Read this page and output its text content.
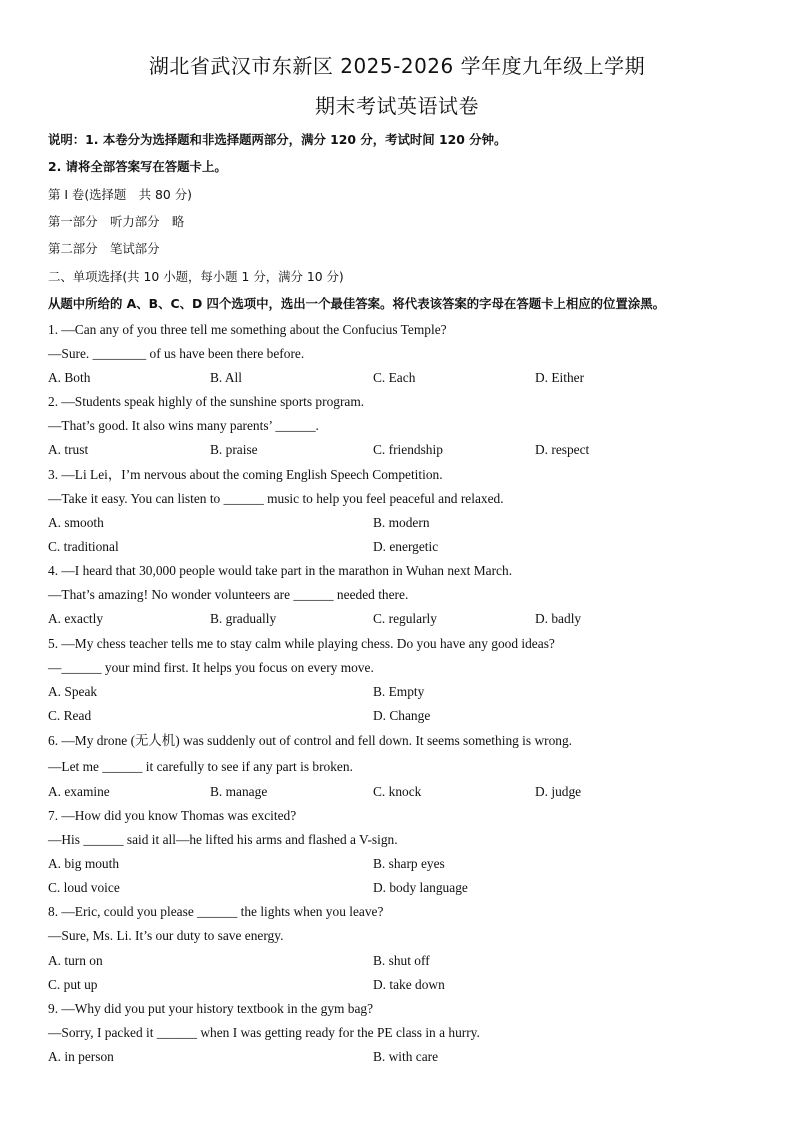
湖北省武汉市东新区 2025-2026 学年度九年级上学期
期末考试英语试卷
说明：1. 本卷分为选择题和非选择题两部分，满分 120 分，考试时间 120 分钟。
2. 请将全部答案写在答题卡上。
第 I 卷(选择题　共 80 分)
第一部分　听力部分　略
第二部分　笔试部分
二、单项选择(共 10 小题，每小题 1 分，满分 10 分)
从题中所给的 A、B、C、D 四个选项中，选出一个最佳答案。将代表该答案的字母在答题卡上相应的位置涂黑。
1. —Can any of you three tell me something about the Confucius Temple?
—Sure. ________ of us have been there before.
A. Both	B. All	C. Each	D. Either
2. —Students speak highly of the sunshine sports program.
—That’s good. It also wins many parents’ ______.
A. trust	B. praise	C. friendship	D. respect
3. —Li Lei，I’m nervous about the coming English Speech Competition.
—Take it easy. You can listen to ______ music to help you feel peaceful and relaxed.
A. smooth	B. modern
C. traditional	D. energetic
4. —I heard that 30,000 people would take part in the marathon in Wuhan next March.
—That’s amazing! No wonder volunteers are ______ needed there.
A. exactly	B. gradually	C. regularly	D. badly
5. —My chess teacher tells me to stay calm while playing chess. Do you have any good ideas?
—______ your mind first. It helps you focus on every move.
A. Speak	B. Empty
C. Read	D. Change
6. —My drone (无人机) was suddenly out of control and fell down. It seems something is wrong.
—Let me ______ it carefully to see if any part is broken.
A. examine	B. manage	C. knock	D. judge
7. —How did you know Thomas was excited?
—His ______ said it all—he lifted his arms and flashed a V-sign.
A. big mouth	B. sharp eyes
C. loud voice	D. body language
8. —Eric, could you please ______ the lights when you leave?
—Sure, Ms. Li. It’s our duty to save energy.
A. turn on	B. shut off
C. put up	D. take down
9. —Why did you put your history textbook in the gym bag?
—Sorry, I packed it ______ when I was getting ready for the PE class in a hurry.
A. in person	B. with care
